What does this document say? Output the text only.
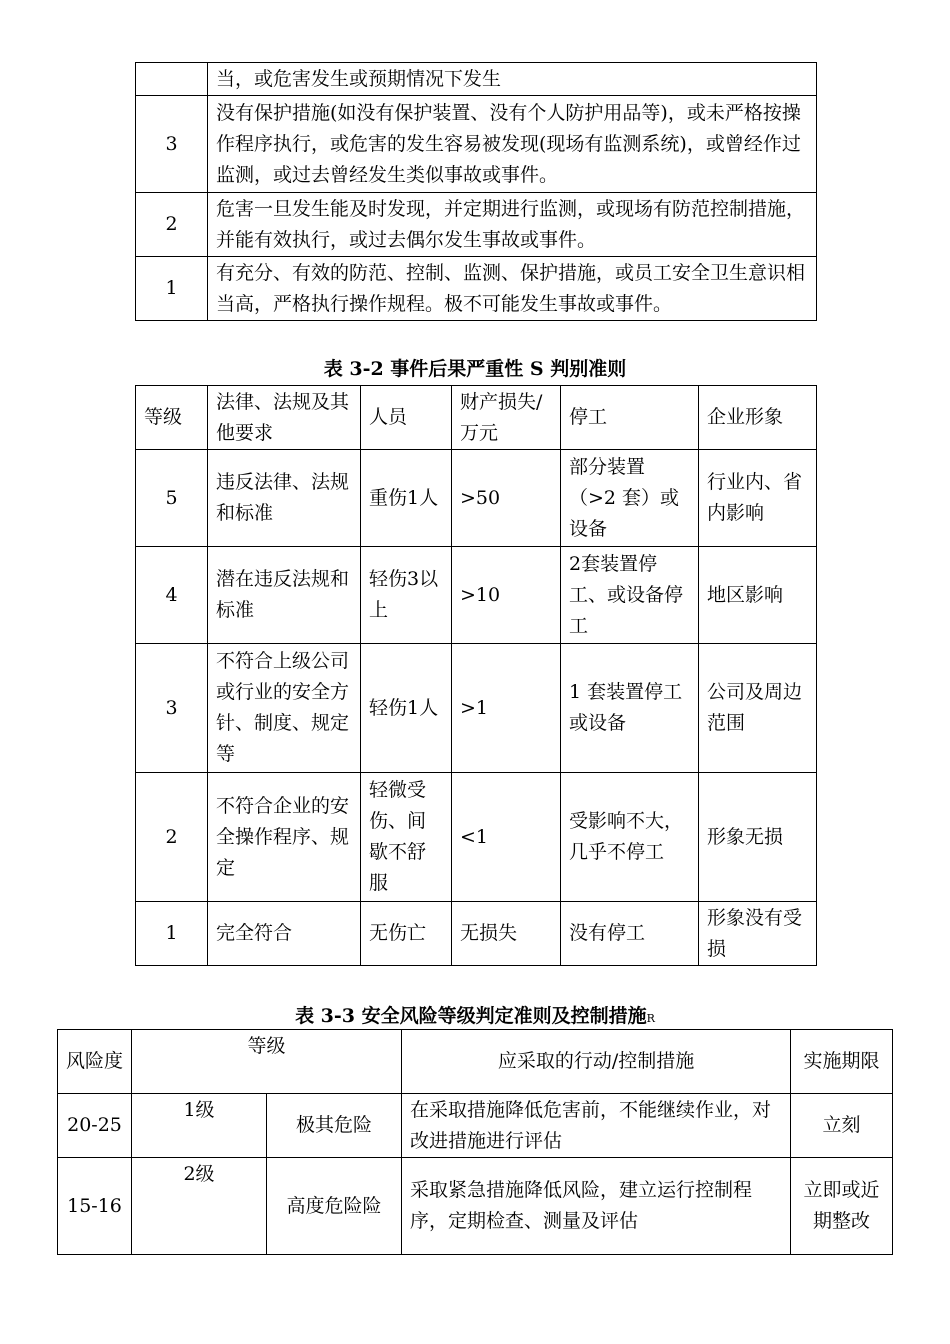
	当，或危害发生或预期情况下发生
3	没有保护措施(如没有保护装置、没有个人防护用品等)，或未严格按操作程序执行，或危害的发生容易被发现(现场有监测系统)，或曾经作过监测，或过去曾经发生类似事故或事件。
2	危害一旦发生能及时发现，并定期进行监测，或现场有防范控制措施，并能有效执行，或过去偶尔发生事故或事件。
1	有充分、有效的防范、控制、监测、保护措施，或员工安全卫生意识相当高，严格执行操作规程。极不可能发生事故或事件。
表 3-2 事件后果严重性 S 判别准则
等级	法律、法规及其他要求	人员	财产损失/万元	停工	企业形象
5	违反法律、法规和标准	重伤1人	>50	部分装置（>2 套）或设备	行业内、省内影响
4	潜在违反法规和标准	轻伤3以上	>10	2套装置停工、或设备停工	地区影响
3	不符合上级公司或行业的安全方针、制度、规定等	轻伤1人	>1	1 套装置停工或设备	公司及周边范围
2	不符合企业的安全操作程序、规定	轻微受伤、间歇不舒服	<1	受影响不大，几乎不停工	形象无损
1	完全符合	无伤亡	无损失	没有停工	形象没有受损
表 3-3 安全风险等级判定准则及控制措施R
风险度	等级		应采取的行动/控制措施	实施期限
20-25	1级	极其危险	在采取措施降低危害前，不能继续作业，对改进措施进行评估	立刻
15-16	2级	高度危险险	采取紧急措施降低风险，建立运行控制程序，定期检查、测量及评估	立即或近期整改
